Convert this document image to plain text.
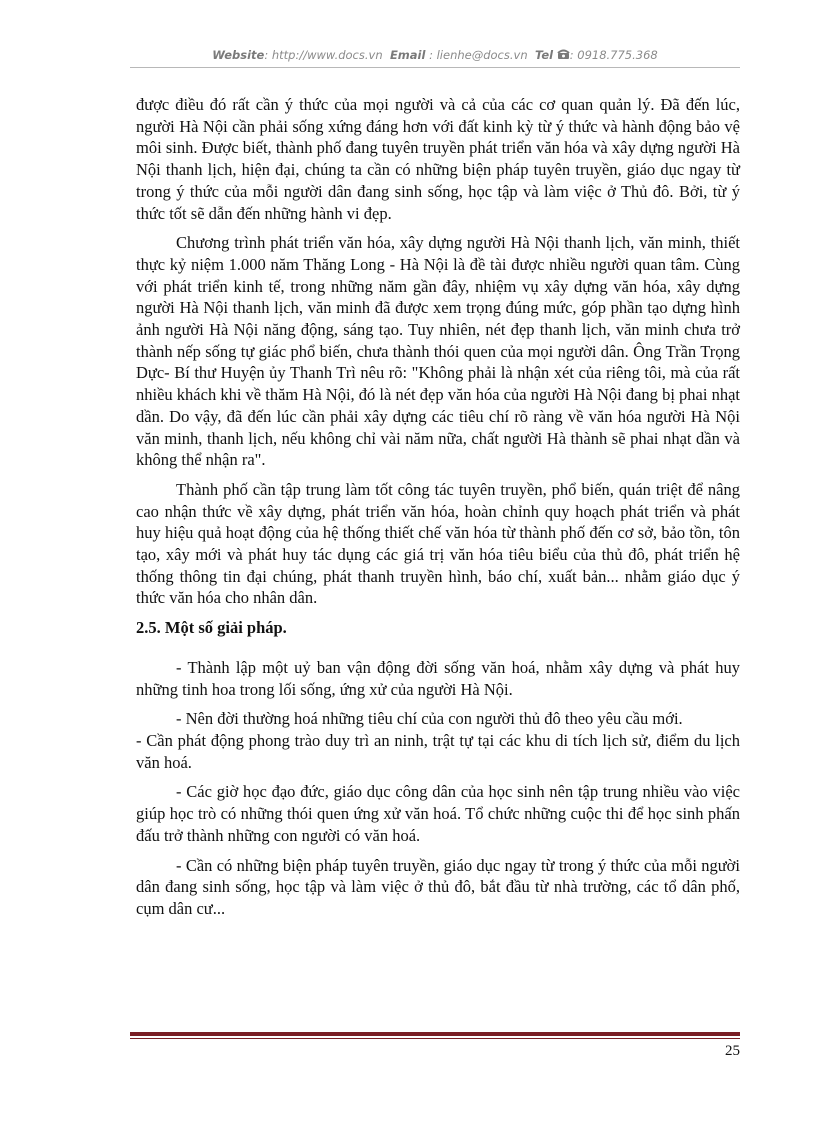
Website: http://www.docs.vn Email : lienhe@docs.vn Tel : 0918.775.368

được điều đó rất cần ý thức của mọi người và cả của các cơ quan quản lý. Đã đến lúc, người Hà Nội cần phải sống xứng đáng hơn với đất kinh kỳ từ ý thức và hành động bảo vệ môi sinh. Được biết, thành phố đang tuyên truyền phát triển văn hóa và xây dựng người Hà Nội thanh lịch, hiện đại, chúng ta cần có những biện pháp tuyên truyền, giáo dục ngay từ trong ý thức của mỗi người dân đang sinh sống, học tập và làm việc ở Thủ đô. Bởi, từ ý thức tốt sẽ dẫn đến những hành vi đẹp.

Chương trình phát triển văn hóa, xây dựng người Hà Nội thanh lịch, văn minh, thiết thực kỷ niệm 1.000 năm Thăng Long - Hà Nội là đề tài được nhiều người quan tâm. Cùng với phát triển kinh tế, trong những năm gần đây, nhiệm vụ xây dựng văn hóa, xây dựng người Hà Nội thanh lịch, văn minh đã được xem trọng đúng mức, góp phần tạo dựng hình ảnh người Hà Nội năng động, sáng tạo. Tuy nhiên, nét đẹp thanh lịch, văn minh chưa trở thành nếp sống tự giác phổ biến, chưa thành thói quen của mọi người dân. Ông Trần Trọng Dực- Bí thư Huyện ủy Thanh Trì nêu rõ: "Không phải là nhận xét của riêng tôi, mà của rất nhiều khách khi về thăm Hà Nội, đó là nét đẹp văn hóa của người Hà Nội đang bị phai nhạt dần. Do vậy, đã đến lúc cần phải xây dựng các tiêu chí rõ ràng về văn hóa người Hà Nội văn minh, thanh lịch, nếu không chỉ vài năm nữa, chất người Hà thành sẽ phai nhạt dần và không thể nhận ra".

Thành phố cần tập trung làm tốt công tác tuyên truyền, phổ biến, quán triệt để nâng cao nhận thức về xây dựng, phát triển văn hóa, hoàn chỉnh quy hoạch phát triển và phát huy hiệu quả hoạt động của hệ thống thiết chế văn hóa từ thành phố đến cơ sở, bảo tồn, tôn tạo, xây mới và phát huy tác dụng các giá trị văn hóa tiêu biểu của thủ đô, phát triển hệ thống thông tin đại chúng, phát thanh truyền hình, báo chí, xuất bản... nhằm giáo dục ý thức văn hóa cho nhân dân.

2.5. Một số giải pháp.

- Thành lập một uỷ ban vận động đời sống văn hoá, nhằm xây dựng và phát huy những tinh hoa trong lối sống, ứng xử của người Hà Nội.

- Nên đời thường hoá những tiêu chí của con người thủ đô theo yêu cầu mới.

- Cần phát động phong trào duy trì an ninh, trật tự tại các khu di tích lịch sử, điểm du lịch văn hoá.

- Các giờ học đạo đức, giáo dục công dân của học sinh nên tập trung nhiều vào việc giúp học trò có những thói quen ứng xử văn hoá. Tổ chức những cuộc thi để học sinh phấn đấu trở thành những con người có văn hoá.

- Cần có những biện pháp tuyên truyền, giáo dục ngay từ trong ý thức của mỗi người dân đang sinh sống, học tập và làm việc ở thủ đô, bắt đầu từ nhà trường, các tổ dân phố, cụm dân cư...

25
